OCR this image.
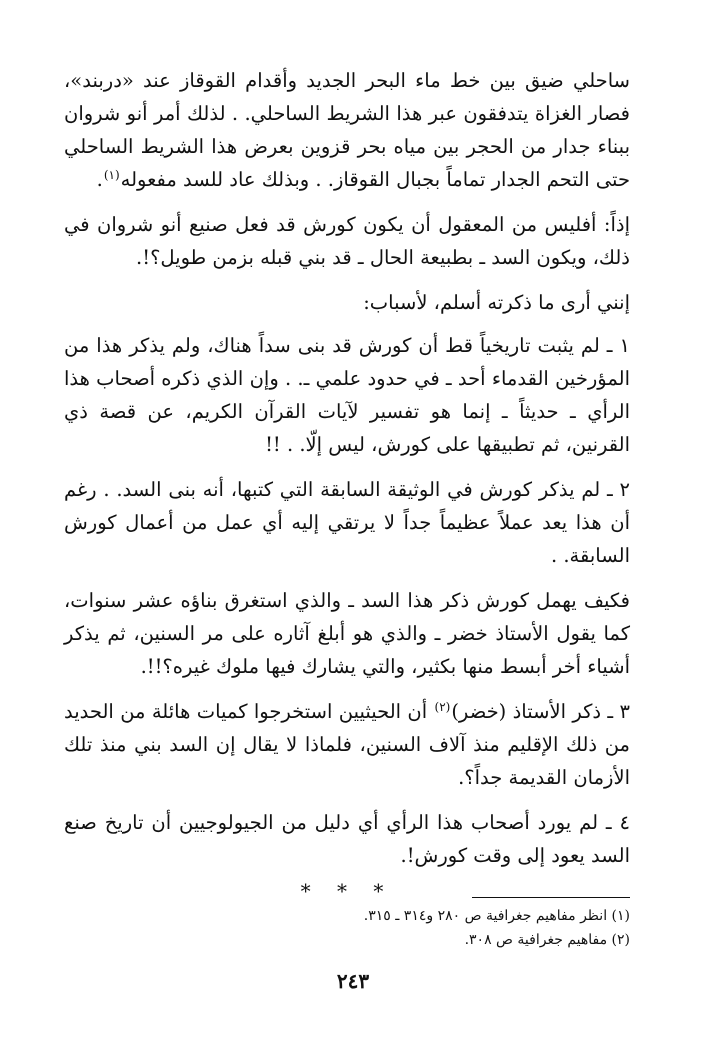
ساحلي ضيق بين خط ماء البحر الجديد وأقدام القوقاز عند «دربند»، فصار الغزاة يتدفقون عبر هذا الشريط الساحلي. . لذلك أمر أنو شروان ببناء جدار من الحجر بين مياه بحر قزوين بعرض هذا الشريط الساحلي حتى التحم الجدار تماماً بجبال القوقاز. . وبذلك عاد للسد مفعوله$^{(١)}$.

إذاً: أفليس من المعقول أن يكون كورش قد فعل صنيع أنو شروان في ذلك، ويكون السد ـ بطبيعة الحال ـ قد بني قبله بزمن طويل؟!.

إنني أرى ما ذكرته أسلم، لأسباب:

١ ـ لم يثبت تاريخياً قط أن كورش قد بنى سداً هناك، ولم يذكر هذا من المؤرخين القدماء أحد ـ في حدود علمي ـ. . وإن الذي ذكره أصحاب هذا الرأي ـ حديثاً ـ إنما هو تفسير لآيات القرآن الكريم، عن قصة ذي القرنين، ثم تطبيقها على كورش، ليس إلّا. . !!

٢ ـ لم يذكر كورش في الوثيقة السابقة التي كتبها، أنه بنى السد. . رغم أن هذا يعد عملاً عظيماً جداً لا يرتقي إليه أي عمل من أعمال كورش السابقة. .

فكيف يهمل كورش ذكر هذا السد ـ والذي استغرق بناؤه عشر سنوات، كما يقول الأستاذ خضر ـ والذي هو أبلغ آثاره على مر السنين، ثم يذكر أشياء أخر أبسط منها بكثير، والتي يشارك فيها ملوك غيره؟!!.

٣ ـ ذكر الأستاذ (خضر)$^{(٢)}$ أن الحيثيين استخرجوا كميات هائلة من الحديد من ذلك الإقليم منذ آلاف السنين، فلماذا لا يقال إن السد بني منذ تلك الأزمان القديمة جداً؟.

٤ ـ لم يورد أصحاب هذا الرأي أي دليل من الجيولوجيين أن تاريخ صنع السد يعود إلى وقت كورش!.

* * *

(١) انظر مفاهيم جغرافية ص ٢٨٠ و٣١٤ ـ ٣١٥.

(٢) مفاهيم جغرافية ص ٣٠٨.

٢٤٣
